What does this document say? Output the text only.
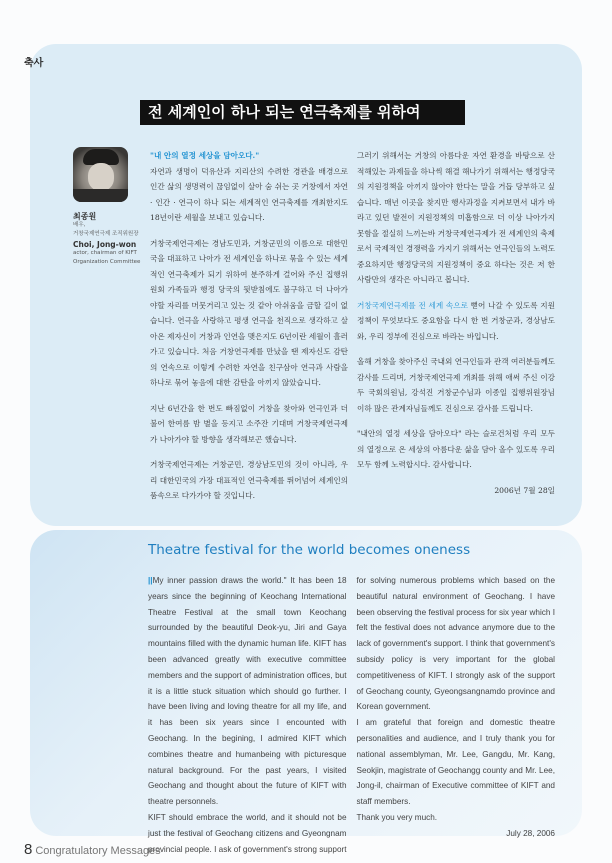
축사
전 세계인이 하나 되는 연극축제를 위하여
최종원
배우,
거창국제연극제 조직위원장
Choi, Jong-won
actor, chairman of KIFT
Organization Committee
"내 안의 열정 세상을 담아오다."

자연과 생명이 덕유산과 지리산의 수려한 경관을 배경으로 인간 삶의 생명력이 끊임없이 살아 숨 쉬는 곳 거창에서 자연 · 인간 · 연극이 하나 되는 세계적인 연극축제를 개최한지도 18년이란 세월을 보내고 있습니다.

거창국제연극제는 경남도민과, 거창군민의 이름으로 대한민국을 대표하고 나아가 전 세계인을 하나로 묶을 수 있는 세계적인 연극축제가 되기 위하여 분주하게 걸어와 주신 집행위원회 가족들과 행정 당국의 뒷받침에도 불구하고 더 나아가야할 자리를 머뭇거리고 있는 것 같아 아쉬움을 금할 길이 없습니다. 연극을 사랑하고 평생 연극을 천직으로 생각하고 살아온 제자신이 거창과 인연을 맺은지도 6년이란 세월이 흘러가고 있습니다. 처음 거창연극제를 만났을 땐 제자신도 감탄의 연속으로 이렇게 수려한 자연을 친구삼아 연극과 사람을 하나로 묶어 놓음에 대한 감탄을 아끼지 않았습니다.

지난 6년간을 한 번도 빠짐없이 거창을 찾아와 연극인과 더불어 한여름 밤 별을 등지고 소주잔 기대며 거창국제연극제가 나아가야 할 방향을 생각해보곤 했습니다.

거창국제연극제는 거창군민, 경상남도민의 것이 아니라, 우리 대한민국의 가장 대표적인 연극축제를 뛰어넘어 세계인의 품속으로 다가가야 할 것입니다.

그러기 위해서는 거창의 아름다운 자연 환경을 바탕으로 산적해있는 과제들을 하나씩 해결 해나가기 위해서는 행정당국의 지원정책을 아끼지 않아야 한다는 말을 거듭 당부하고 싶습니다. 매년 이곳을 찾지만 행사과정을 지켜보면서 내가 바라고 있던 발전이 지원정책의 미흡함으로 더 이상 나아가지 못함을 절실히 느끼는바 거창국제연극제가 전 세계인의 축제로서 국제적인 경쟁력을 가지기 위해서는 연극인들의 노력도 중요하지만 행정당국의 지원정책이 중요 하다는 것은 저 한 사람만의 생각은 아니라고 봅니다.

거창국제연극제를 전 세계 속으로 뻗어 나갈 수 있도록 지원정책이 무엇보다도 중요함을 다시 한 번 거창군과, 경상남도와, 우리 정부에 진심으로 바라는 바입니다.

올해 거창을 찾아주신 국내외 연극인들과 관객 여러분들께도 감사를 드리며, 거창국제연극제 개최를 위해 애써 주신 이강두 국회의원님, 강석진 거창군수님과 이종일 집행위원장님 이하 많은 관계자님들께도 진심으로 감사를 드립니다.

"내안의 열정 세상을 담아오다" 라는 슬로건처럼 우리 모두의 열정으로 온 세상의 아름다운 삶을 담아 올수 있도록 우리 모두 함께 노력합시다. 감사합니다.

2006년 7월 28일
Theatre festival for the world becomes oneness

||My inner passion draws the world." It has been 18 years since the beginning of Keochang International Theatre Festival at the small town Keochang surrounded by the beautiful Deok-yu, Jiri and Gaya mountains filled with the dynamic human life. KIFT has been advanced greatly with executive committee members and the support of administration offices, but it is a little stuck situation which should go further. I have been living and loving theatre for all my life, and it has been six years since I encounted with Geochang. In the begining, I admired KIFT which combines theatre and humanbeing with picturesque natural background. For the past years, I visited Geochang and thought about the future of KIFT with theatre personnels.

KIFT should embrace the world, and it should not be just the festival of Geochang citizens and Gyeongnam provincial people. I ask of government's strong support for solving numerous problems which based on the beautiful natural environment of Geochang. I have been observing the festival process for six year which I felt the festival does not advance anymore due to the lack of government's support. I think that government's subsidy policy is very important for the global competitiveness of KIFT. I strongly ask of the support of Geochang county, Gyeongsangnamdo province and Korean government.

I am grateful that foreign and domestic theatre personalities and audience, and I truly thank you for national assemblyman, Mr. Lee, Gangdu, Mr. Kang, Seokjin, magistrate of Geochangg county and Mr. Lee, Jong-il, chairman of Executive committee of KIFT and staff members.

Thank you very much.

July 28, 2006
8 Congratulatory Messages
